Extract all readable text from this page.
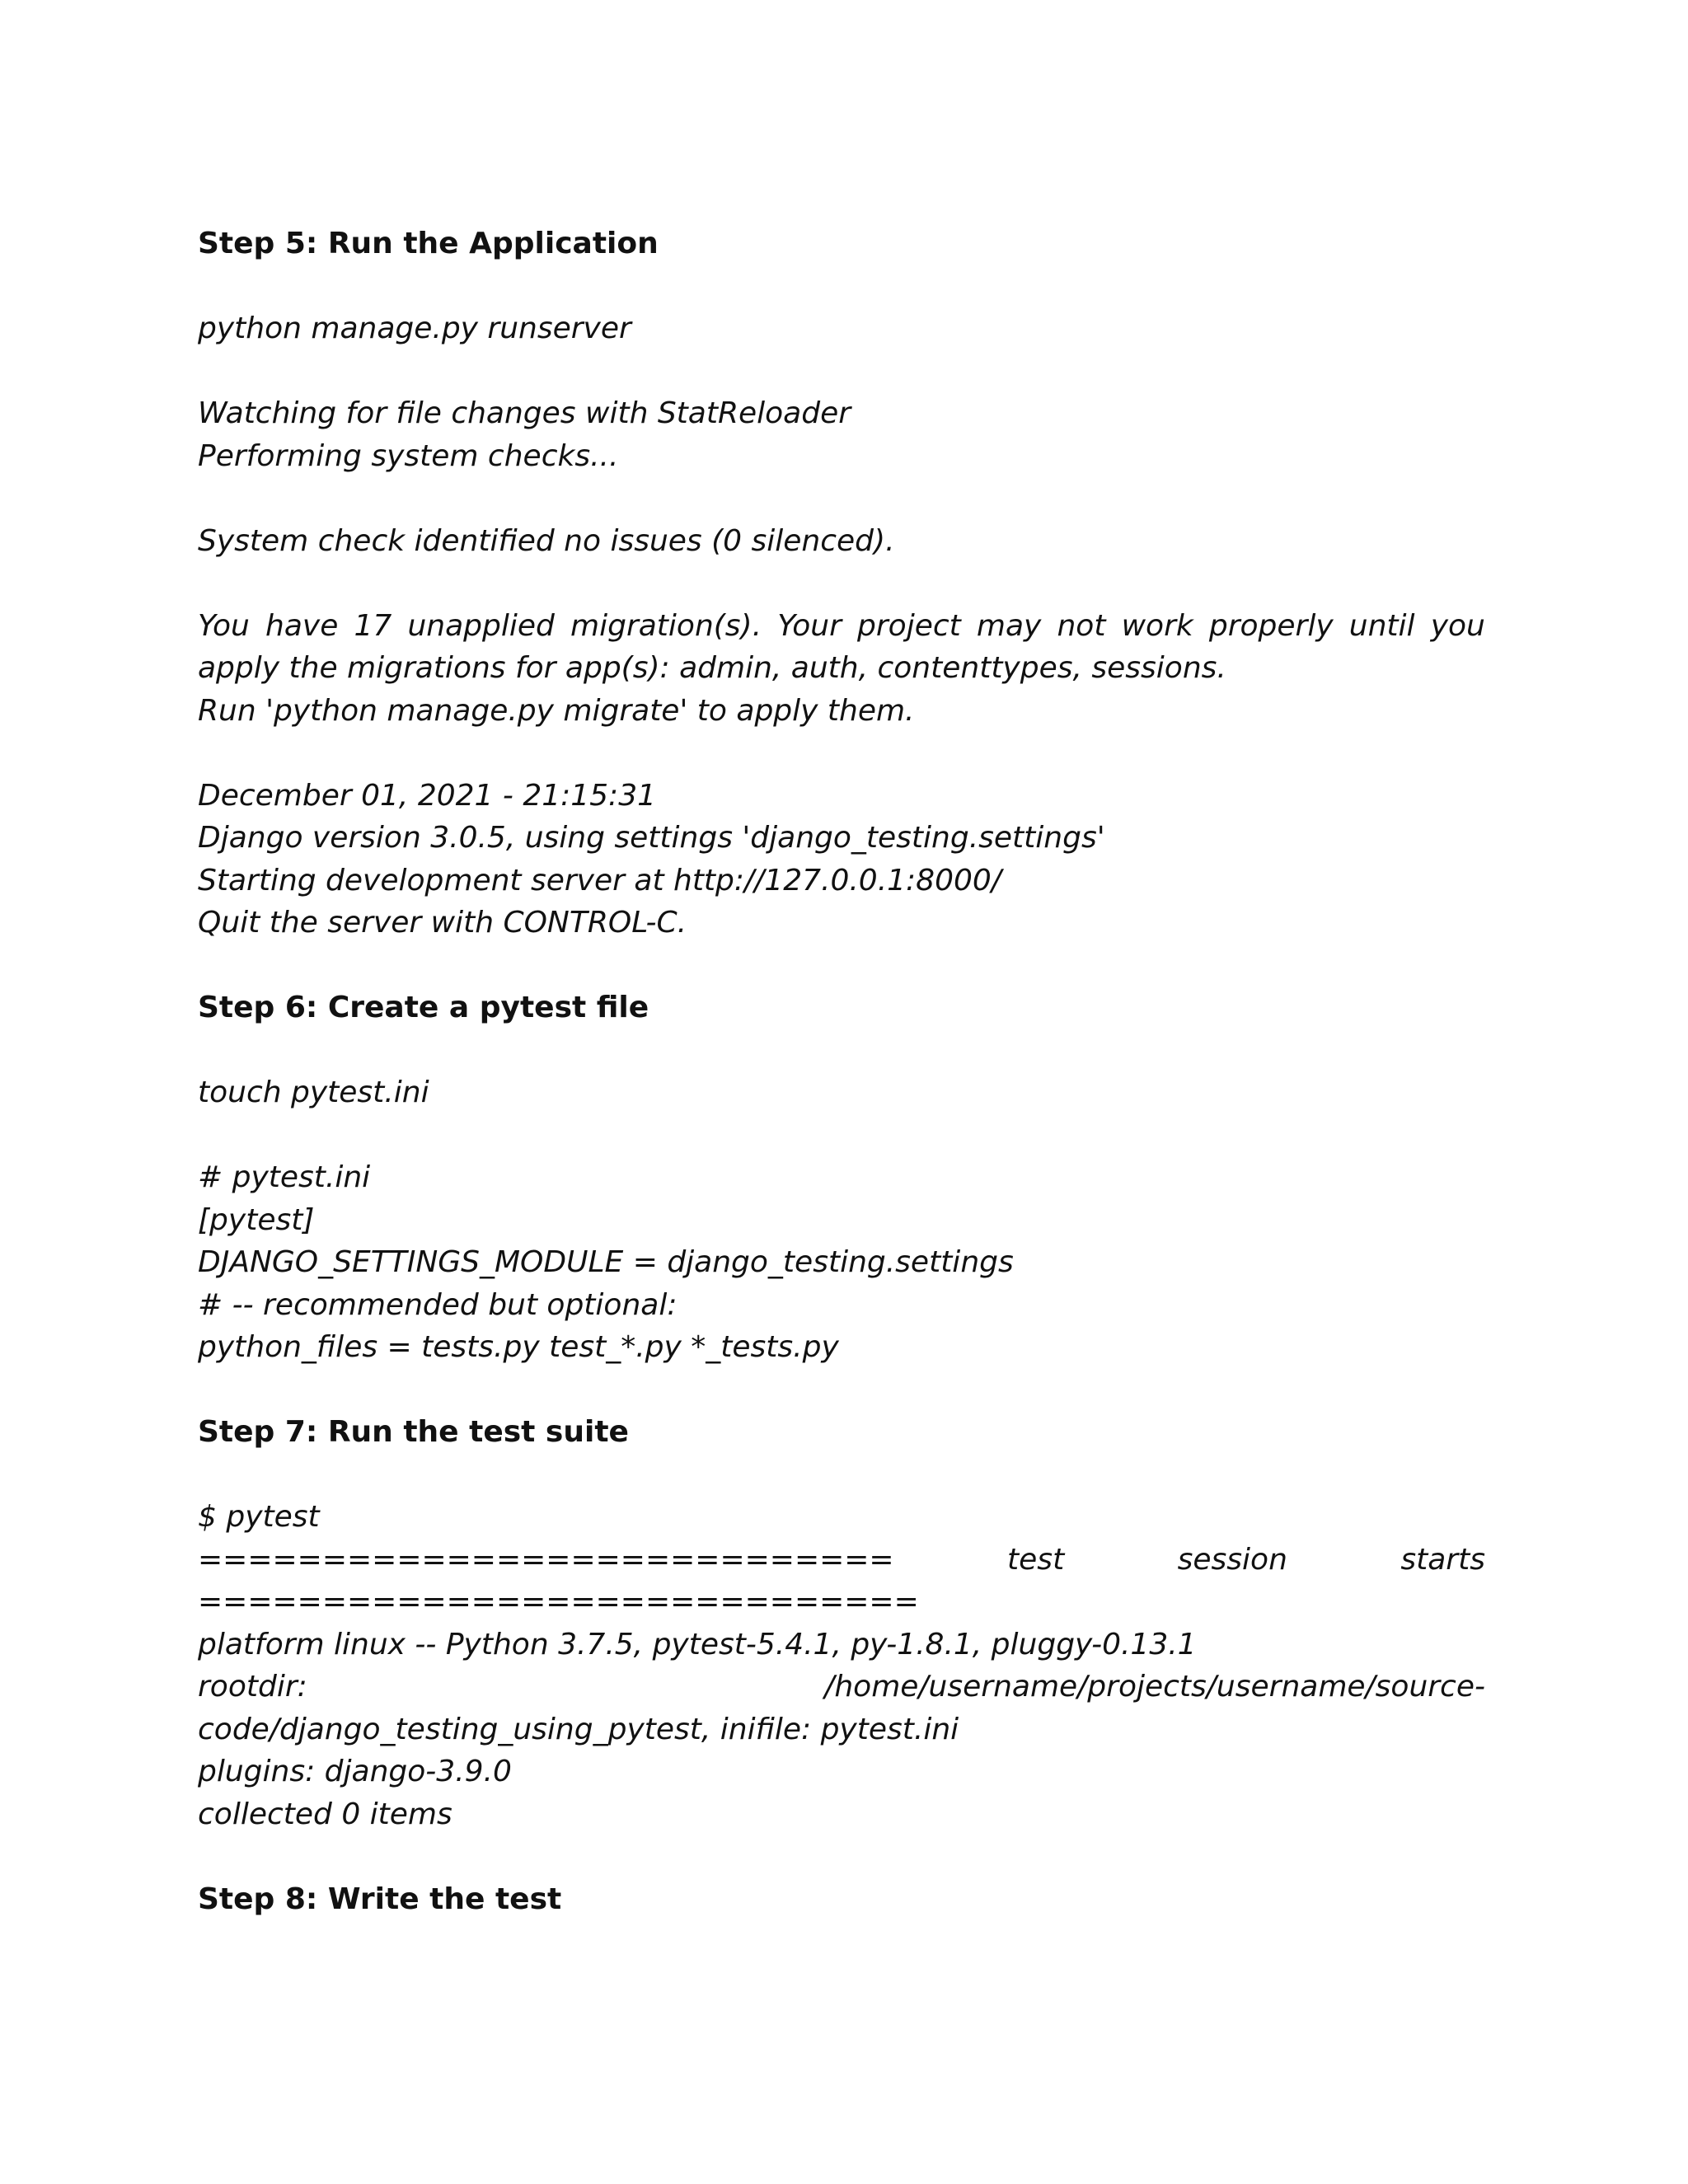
Step 5: Run the Application
python manage.py runserver
Watching for file changes with StatReloader
Performing system checks...
System check identified no issues (0 silenced).
You have 17 unapplied migration(s). Your project may not work properly until you
apply the migrations for app(s): admin, auth, contenttypes, sessions.
Run 'python manage.py migrate' to apply them.
December 01, 2021 - 21:15:31
Django version 3.0.5, using settings 'django_testing.settings'
Starting development server at http://127.0.0.1:8000/
Quit the server with CONTROL-C.
Step 6: Create a pytest file
touch pytest.ini
# pytest.ini
[pytest]
DJANGO_SETTINGS_MODULE = django_testing.settings
# -- recommended but optional:
python_files = tests.py test_*.py *_tests.py
Step 7: Run the test suite
$ pytest
============================	test	session	starts
=============================
platform linux -- Python 3.7.5, pytest-5.4.1, py-1.8.1, pluggy-0.13.1
rootdir:	/home/username/projects/username/source-
code/django_testing_using_pytest, inifile: pytest.ini
plugins: django-3.9.0
collected 0 items
Step 8: Write the test
